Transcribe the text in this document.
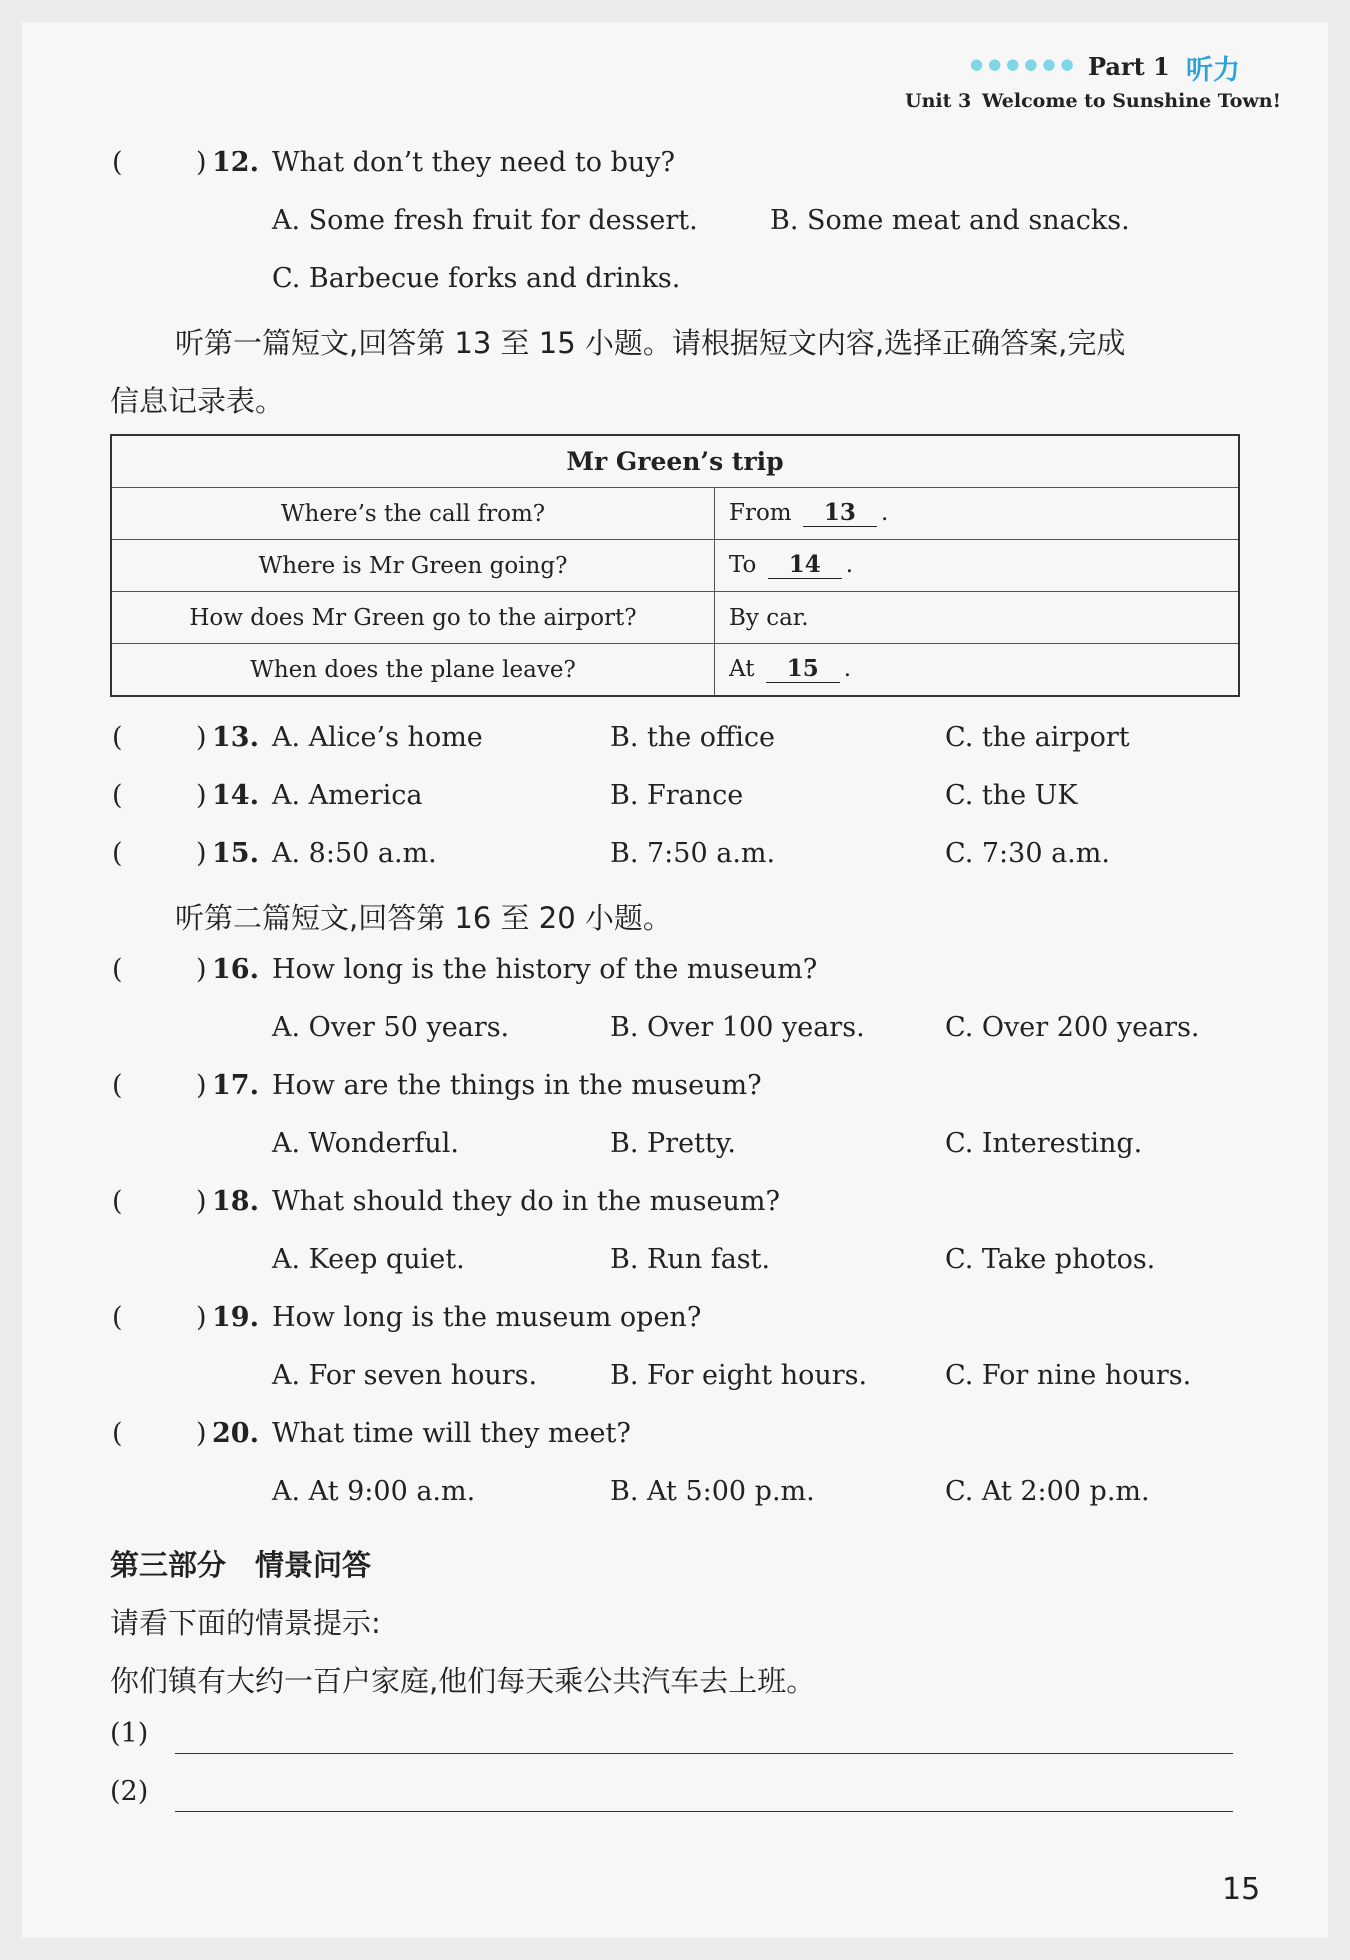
●●●●●● Part 1 听力
Unit 3 Welcome to Sunshine Town!
(	) 12. What don’t they need to buy?
A. Some fresh fruit for dessert.	B. Some meat and snacks.
C. Barbecue forks and drinks.
听第一篇短文,回答第 13 至 15 小题。请根据短文内容,选择正确答案,完成
信息记录表。
Mr Green’s trip	
Where’s the call from?	From 13 .
Where is Mr Green going?	To 14 .
How does Mr Green go to the airport?	By car.
When does the plane leave?	At 15 .
(	) 13. A. Alice’s home	B. the office	C. the airport
(	) 14. A. America	B. France	C. the UK
(	) 15. A. 8:50 a.m.	B. 7:50 a.m.	C. 7:30 a.m.
听第二篇短文,回答第 16 至 20 小题。
(	) 16. How long is the history of the museum?
A. Over 50 years.	B. Over 100 years.	C. Over 200 years.
(	) 17. How are the things in the museum?
A. Wonderful.	B. Pretty.	C. Interesting.
(	) 18. What should they do in the museum?
A. Keep quiet.	B. Run fast.	C. Take photos.
(	) 19. How long is the museum open?
A. For seven hours.	B. For eight hours.	C. For nine hours.
(	) 20. What time will they meet?
A. At 9:00 a.m.	B. At 5:00 p.m.	C. At 2:00 p.m.
第三部分　情景问答
请看下面的情景提示:
你们镇有大约一百户家庭,他们每天乘公共汽车去上班。
(1)
(2)
15
